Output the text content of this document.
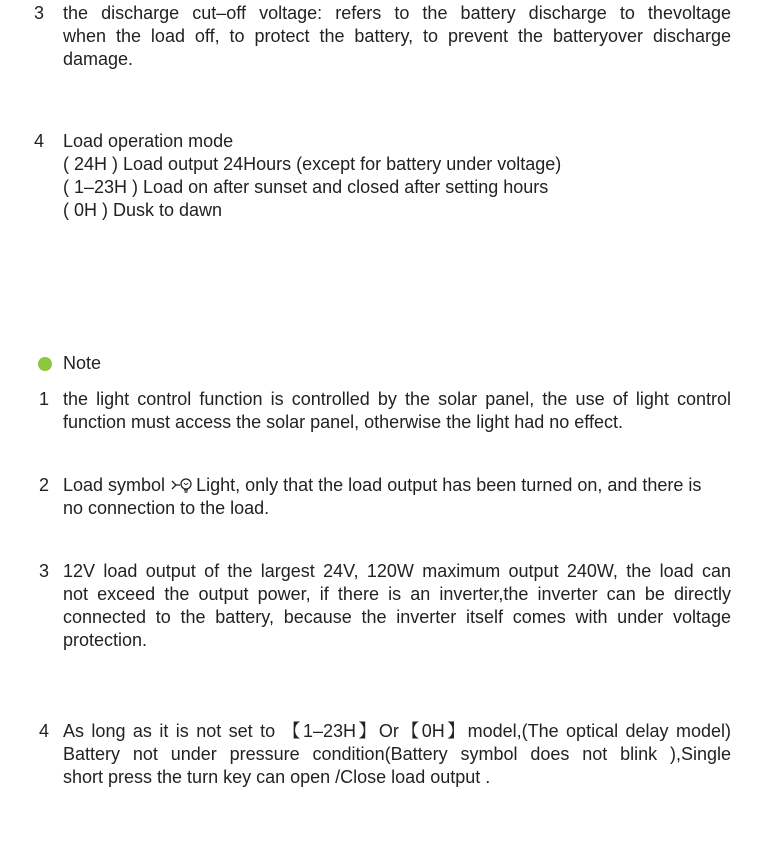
3	the discharge cut–off voltage: refers to the battery discharge to thevoltage
when the load off, to protect the battery, to prevent the batteryover discharge
damage.
4	Load operation mode
( 24H ) Load output 24Hours (except for battery under voltage)
( 1–23H ) Load on after sunset and closed after setting hours
( 0H ) Dusk to dawn
Note
1 the light control function is controlled by the solar panel, the use of light control
function must access the solar panel, otherwise the light had no effect.
2 Load symbol Light, only that the load output has been turned on, and there is
no connection to the load.
3 12V load output of the largest 24V, 120W maximum output 240W, the load can
not exceed the output power, if there is an inverter,the inverter can be directly
connected to the battery, because the inverter itself comes with under voltage
protection.
4 As long as it is not set to 【1–23H】Or【0H】model,(The optical delay model)
Battery not under pressure condition(Battery symbol does not blink ),Single
short press the turn key can open /Close load output .
